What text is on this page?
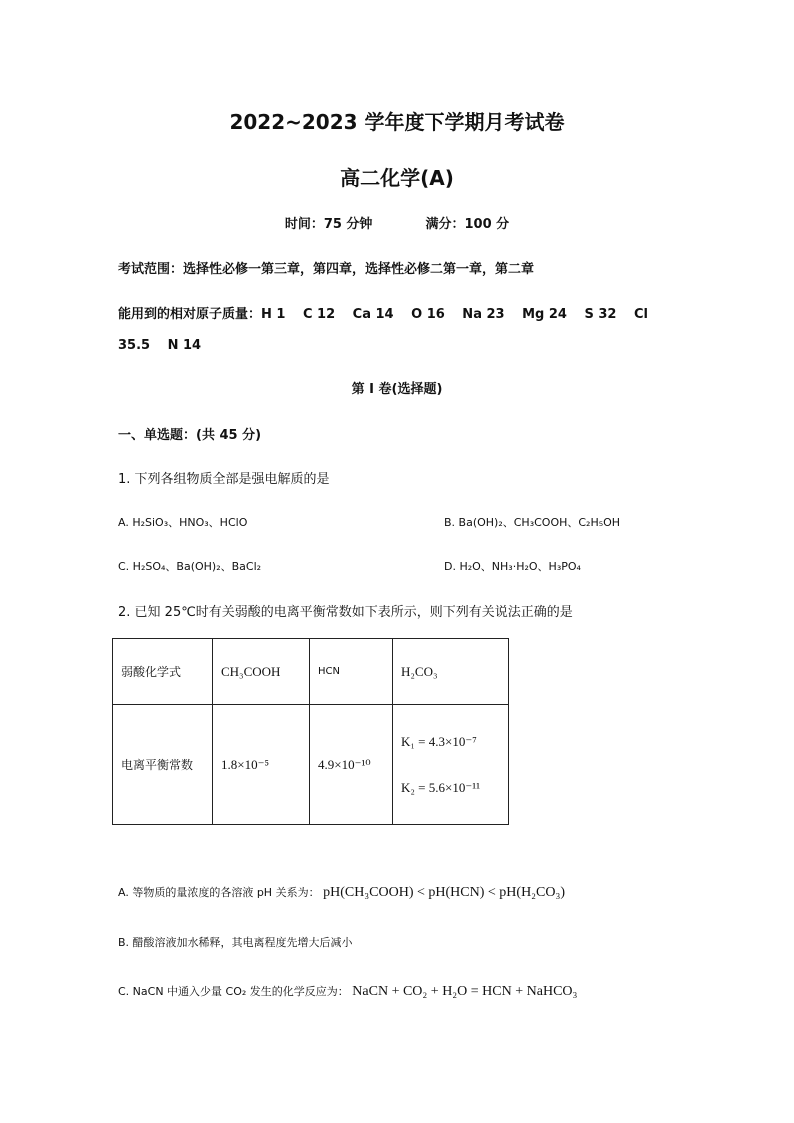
2022~2023 学年度下学期月考试卷
高二化学(A)
时间：75 分钟	满分：100 分
考试范围：选择性必修一第三章，第四章，选择性必修二第一章，第二章
能用到的相对原子质量：H 1　 C 12　 Ca 14　 O 16　 Na 23　 Mg 24　 S 32　 Cl
35.5　 N 14
第 I 卷(选择题)
一、单选题：(共 45 分)
1. 下列各组物质全部是强电解质的是
A. H₂SiO₃、HNO₃、HClO	B. Ba(OH)₂、CH₃COOH、C₂H₅OH
C. H₂SO₄、Ba(OH)₂、BaCl₂	D. H₂O、NH₃·H₂O、H₃PO₄
2. 已知 25℃时有关弱酸的电离平衡常数如下表所示，则下列有关说法正确的是
弱酸化学式	CH₃COOH	HCN	H₂CO₃
电离平衡常数	1.8×10⁻⁵	4.9×10⁻¹⁰	K₁ = 4.3×10⁻⁷
K₂ = 5.6×10⁻¹¹
A. 等物质的量浓度的各溶液 pH 关系为： pH(CH₃COOH) < pH(HCN) < pH(H₂CO₃)
B. 醋酸溶液加水稀释，其电离程度先增大后减小
C. NaCN 中通入少量 CO₂ 发生的化学反应为： NaCN + CO₂ + H₂O = HCN + NaHCO₃
